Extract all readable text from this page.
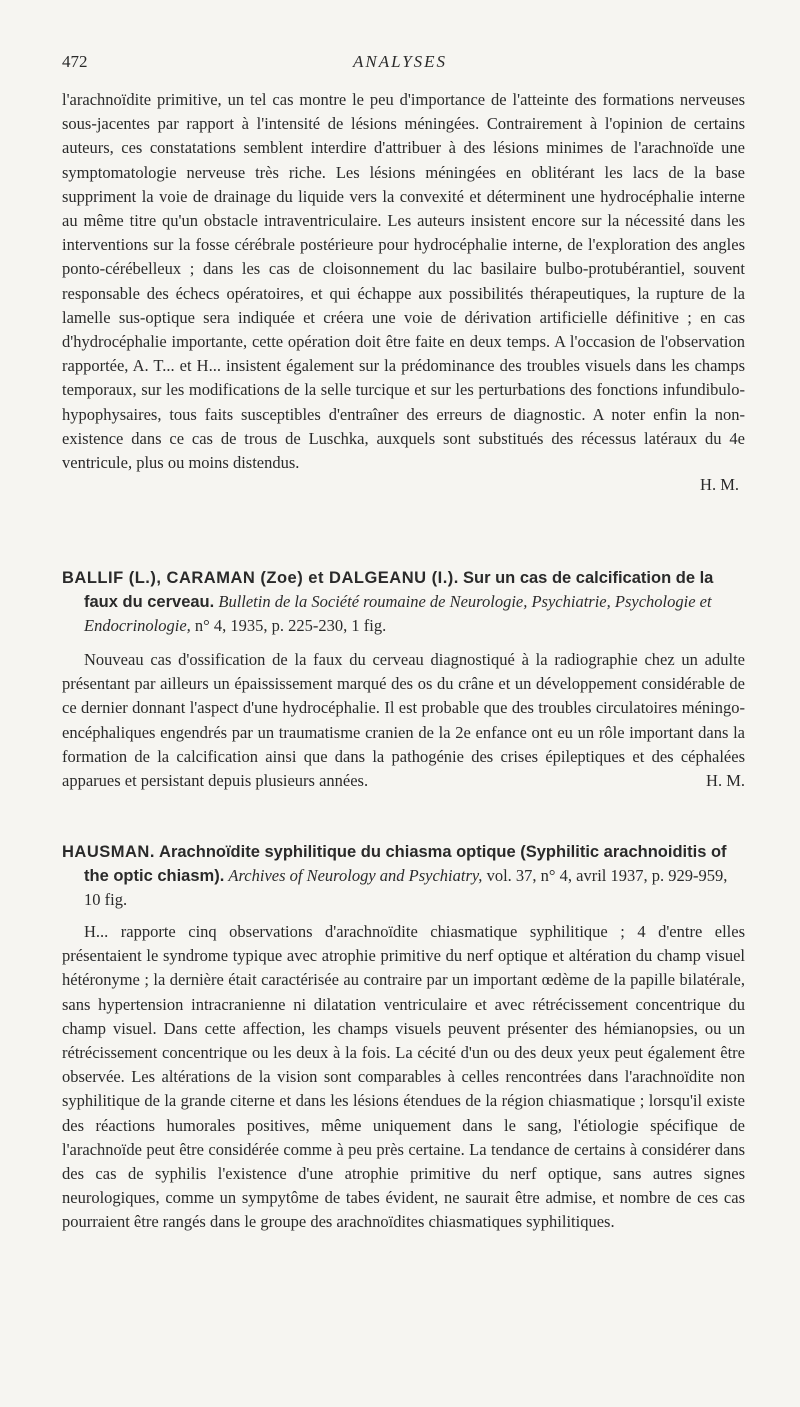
472	ANALYSES

l'arachnoïdite primitive, un tel cas montre le peu d'importance de l'atteinte des formations nerveuses sous-jacentes par rapport à l'intensité de lésions méningées. Contrairement à l'opinion de certains auteurs, ces constatations semblent interdire d'attribuer à des lésions minimes de l'arachnoïde une symptomatologie nerveuse très riche. Les lésions méningées en oblitérant les lacs de la base suppriment la voie de drainage du liquide vers la convexité et déterminent une hydrocéphalie interne au même titre qu'un obstacle intraventriculaire. Les auteurs insistent encore sur la nécessité dans les interventions sur la fosse cérébrale postérieure pour hydrocéphalie interne, de l'exploration des angles ponto-cérébelleux ; dans les cas de cloisonnement du lac basilaire bulbo-protubérantiel, souvent responsable des échecs opératoires, et qui échappe aux possibilités thérapeutiques, la rupture de la lamelle sus-optique sera indiquée et créera une voie de dérivation artificielle définitive ; en cas d'hydrocéphalie importante, cette opération doit être faite en deux temps. A l'occasion de l'observation rapportée, A. T... et H... insistent également sur la prédominance des troubles visuels dans les champs temporaux, sur les modifications de la selle turcique et sur les perturbations des fonctions infundibulo-hypophysaires, tous faits susceptibles d'entraîner des erreurs de diagnostic. A noter enfin la non-existence dans ce cas de trous de Luschka, auxquels sont substitués des récessus latéraux du 4e ventricule, plus ou moins distendus.

H. M.

BALLIF (L.), CARAMAN (Zoe) et DALGEANU (I.). Sur un cas de calcification de la faux du cerveau. Bulletin de la Société roumaine de Neurologie, Psychiatrie, Psychologie et Endocrinologie, n° 4, 1935, p. 225-230, 1 fig.

Nouveau cas d'ossification de la faux du cerveau diagnostiqué à la radiographie chez un adulte présentant par ailleurs un épaississement marqué des os du crâne et un développement considérable de ce dernier donnant l'aspect d'une hydrocéphalie. Il est probable que des troubles circulatoires méningo-encéphaliques engendrés par un traumatisme cranien de la 2e enfance ont eu un rôle important dans la formation de la calcification ainsi que dans la pathogénie des crises épileptiques et des céphalées apparues et persistant depuis plusieurs années.	H. M.

HAUSMAN. Arachnoïdite syphilitique du chiasma optique (Syphilitic arachnoiditis of the optic chiasm). Archives of Neurology and Psychiatry, vol. 37, n° 4, avril 1937, p. 929-959, 10 fig.

H... rapporte cinq observations d'arachnoïdite chiasmatique syphilitique ; 4 d'entre elles présentaient le syndrome typique avec atrophie primitive du nerf optique et altération du champ visuel hétéronyme ; la dernière était caractérisée au contraire par un important œdème de la papille bilatérale, sans hypertension intracranienne ni dilatation ventriculaire et avec rétrécissement concentrique du champ visuel. Dans cette affection, les champs visuels peuvent présenter des hémianopsies, ou un rétrécissement concentrique ou les deux à la fois. La cécité d'un ou des deux yeux peut également être observée. Les altérations de la vision sont comparables à celles rencontrées dans l'arachnoïdite non syphilitique de la grande citerne et dans les lésions étendues de la région chiasmatique ; lorsqu'il existe des réactions humorales positives, même uniquement dans le sang, l'étiologie spécifique de l'arachnoïde peut être considérée comme à peu près certaine. La tendance de certains à considérer dans des cas de syphilis l'existence d'une atrophie primitive du nerf optique, sans autres signes neurologiques, comme un sympytôme de tabes évident, ne saurait être admise, et nombre de ces cas pourraient être rangés dans le groupe des arachnoïdites chiasmatiques syphilitiques.
